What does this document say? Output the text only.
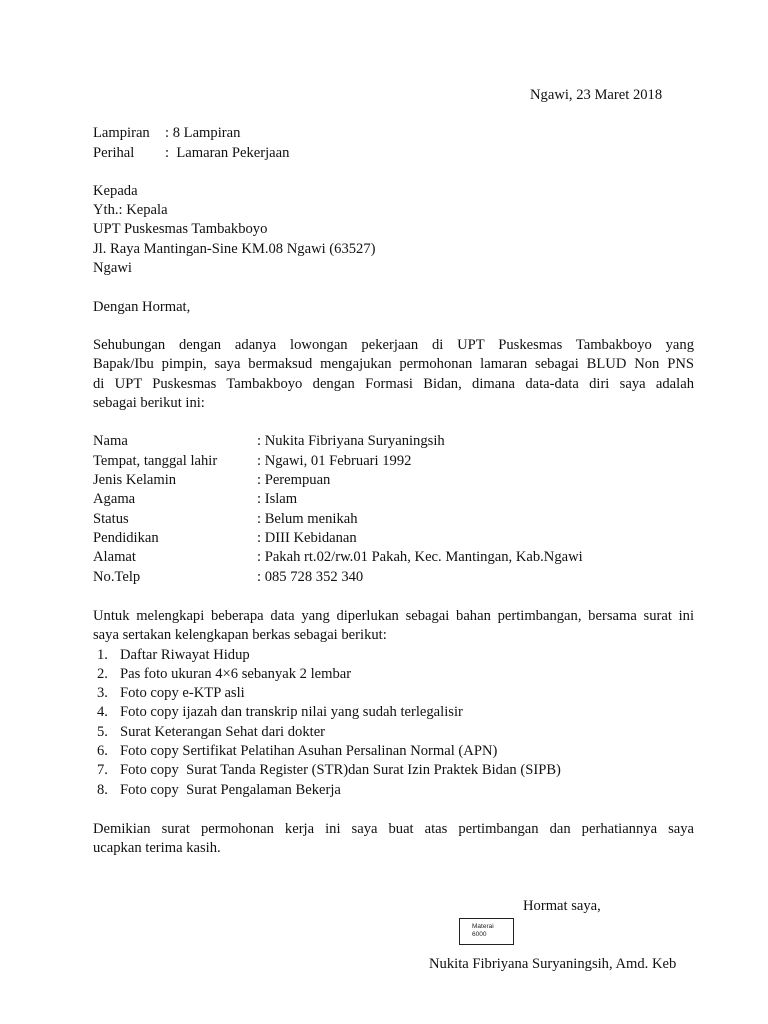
Ngawi, 23 Maret 2018
Lampiran : 8 Lampiran
Perihal :  Lamaran Pekerjaan
Kepada
Yth.: Kepala
UPT Puskesmas Tambakboyo
Jl. Raya Mantingan-Sine KM.08 Ngawi (63527)
Ngawi
Dengan Hormat,
Sehubungan dengan adanya lowongan pekerjaan di UPT Puskesmas Tambakboyo yang
Bapak/Ibu pimpin, saya bermaksud mengajukan permohonan lamaran sebagai BLUD Non PNS
di UPT Puskesmas Tambakboyo dengan Formasi Bidan, dimana data-data diri saya adalah
sebagai berikut ini:
Nama	: Nukita Fibriyana Suryaningsih
Tempat, tanggal lahir	: Ngawi, 01 Februari 1992
Jenis Kelamin	: Perempuan
Agama	: Islam
Status	: Belum menikah
Pendidikan	: DIII Kebidanan
Alamat	: Pakah rt.02/rw.01 Pakah, Kec. Mantingan, Kab.Ngawi
No.Telp	: 085 728 352 340
Untuk melengkapi beberapa data yang diperlukan sebagai bahan pertimbangan, bersama surat ini
saya sertakan kelengkapan berkas sebagai berikut:
1. Daftar Riwayat Hidup
2. Pas foto ukuran 4×6 sebanyak 2 lembar
3. Foto copy e-KTP asli
4. Foto copy ijazah dan transkrip nilai yang sudah terlegalisir
5. Surat Keterangan Sehat dari dokter
6. Foto copy Sertifikat Pelatihan Asuhan Persalinan Normal (APN)
7. Foto copy  Surat Tanda Register (STR)dan Surat Izin Praktek Bidan (SIPB)
8. Foto copy  Surat Pengalaman Bekerja
Demikian surat permohonan kerja ini saya buat atas pertimbangan dan perhatiannya saya
ucapkan terima kasih.
Hormat saya,
Materai
6000
Nukita Fibriyana Suryaningsih, Amd. Keb
